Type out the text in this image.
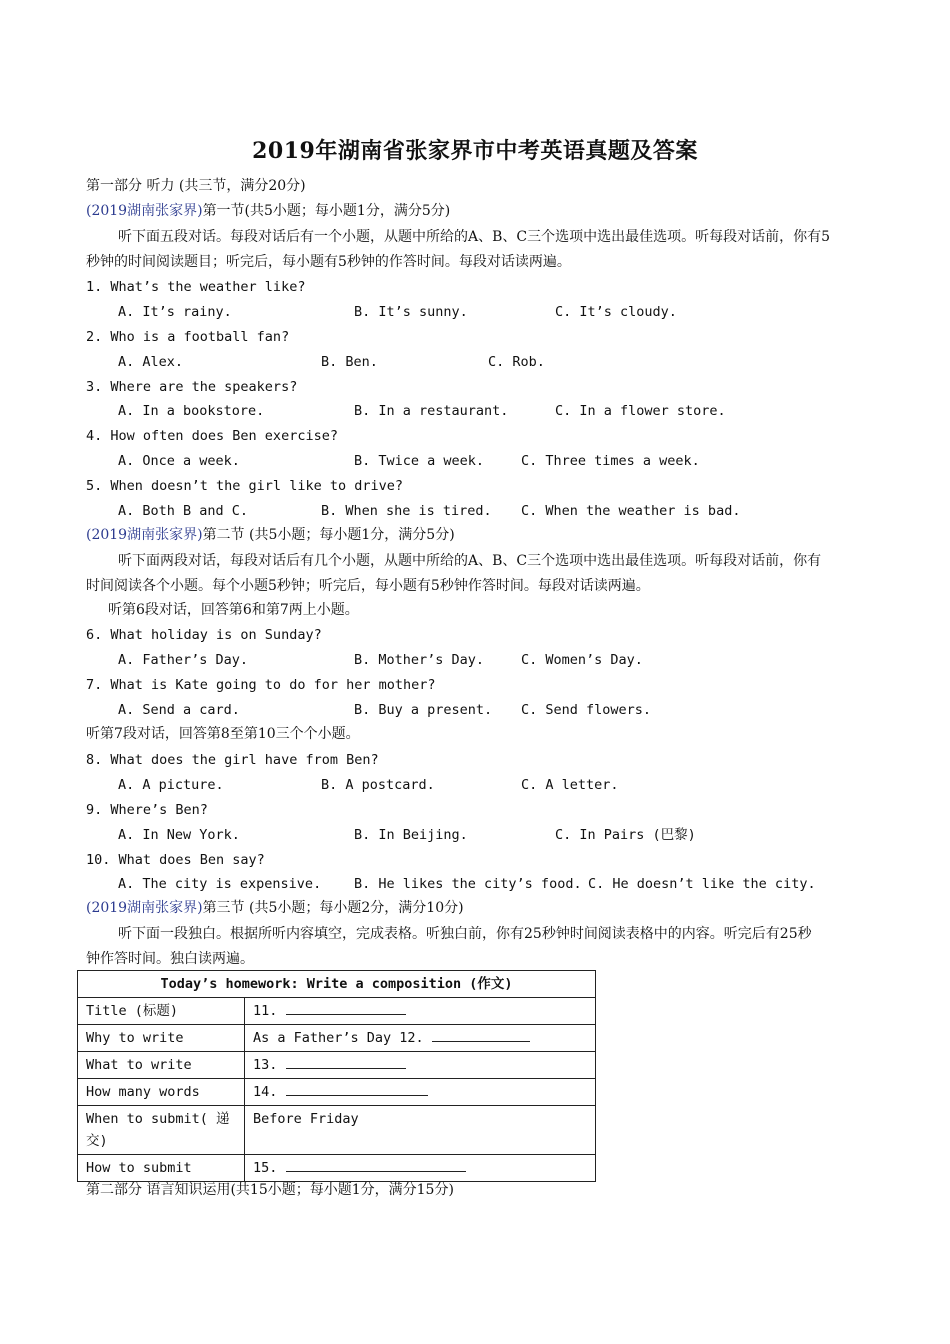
2019年湖南省张家界市中考英语真题及答案
第一部分 听力 (共三节，满分20分)
(2019湖南张家界)第一节(共5小题；每小题1分，满分5分)
听下面五段对话。每段对话后有一个小题，从题中所给的A、B、C三个选项中选出最佳选项。听每段对话前，你有5
秒钟的时间阅读题目；听完后，每小题有5秒钟的作答时间。每段对话读两遍。
1. What’s the weather like?
A. It’s rainy.	B. It’s sunny.	C. It’s cloudy.
2. Who is a football fan?
A. Alex.	B. Ben.	C. Rob.
3. Where are the speakers?
A. In a bookstore.	B. In a restaurant.	C. In a flower store.
4. How often does Ben exercise?
A. Once a week.	B. Twice a week.	C. Three times a week.
5. When doesn’t the girl like to drive?
A. Both B and C.	B. When she is tired. C. When the weather is bad.
(2019湖南张家界)第二节 (共5小题；每小题1分，满分5分)
听下面两段对话，每段对话后有几个小题，从题中所给的A、B、C三个选项中选出最佳选项。听每段对话前，你有
时间阅读各个小题。每个小题5秒钟；听完后，每小题有5秒钟作答时间。每段对话读两遍。
听第6段对话，回答第6和第7两上小题。
6. What holiday is on Sunday?
A. Father’s Day.	B. Mother’s Day.	C. Women’s Day.
7. What is Kate going to do for her mother?
A. Send a card.	B. Buy a present. C. Send flowers.
听第7段对话，回答第8至第10三个个小题。
8. What does the girl have from Ben?
A. A picture.	B. A postcard.	C. A letter.
9. Where’s Ben?
A. In New York.	B. In Beijing.	C. In Pairs (巴黎)
10. What does Ben say?
A. The city is expensive. B. He likes the city’s food. C. He doesn’t like the city.
(2019湖南张家界)第三节 (共5小题；每小题2分，满分10分)
听下面一段独白。根据所听内容填空，完成表格。听独白前，你有25秒钟时间阅读表格中的内容。听完后有25秒
钟作答时间。独白读两遍。
Today’s homework: Write a composition (作文)	
Title (标题)	11.
Why to write	As a Father’s Day 12.
What to write	13.
How many words	14.
When to submit( 递 交)	Before Friday
How to submit	15.
第二部分 语言知识运用(共15小题；每小题1分，满分15分)
